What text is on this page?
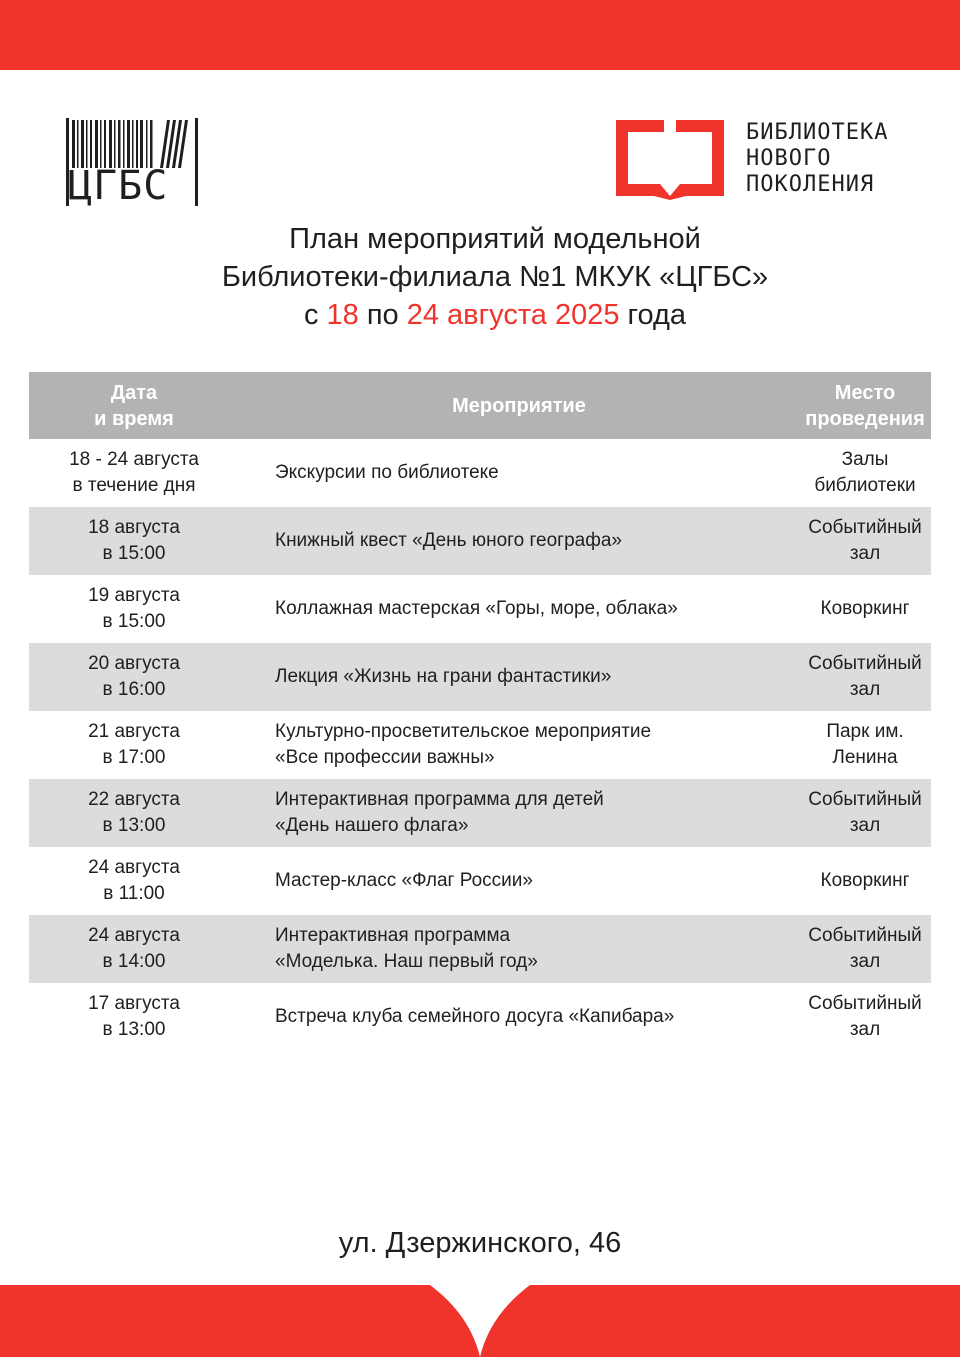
ЦГБС
БИБЛИОТЕКА
НОВОГО
ПОКОЛЕНИЯ
План мероприятий модельной
Библиотеки-филиала №1 МКУК «ЦГБС»
с 18 по 24 августа 2025 года
Дата
и время	Мероприятие	Место
проведения

18 - 24 августа
в течение дня	Экскурсии по библиотеке	Залы
библиотеки

18 августа
в 15:00	Книжный квест «День юного географа»	Событийный
зал

19 августа
в 15:00	Коллажная мастерская «Горы, море, облака»	Коворкинг

20 августа
в 16:00	Лекция «Жизнь на грани фантастики»	Событийный
зал

21 августа
в 17:00	Культурно-просветительское мероприятие
«Все профессии важны»	Парк им.
Ленина

22 августа
в 13:00	Интерактивная программа для детей
«День нашего флага»	Событийный
зал

24 августа
в 11:00	Мастер-класс «Флаг России»	Коворкинг

24 августа
в 14:00	Интерактивная программа
«Моделька. Наш первый год»	Событийный
зал

17 августа
в 13:00	Встреча клуба семейного досуга «Капибара»	Событийный
зал
ул. Дзержинского, 46
